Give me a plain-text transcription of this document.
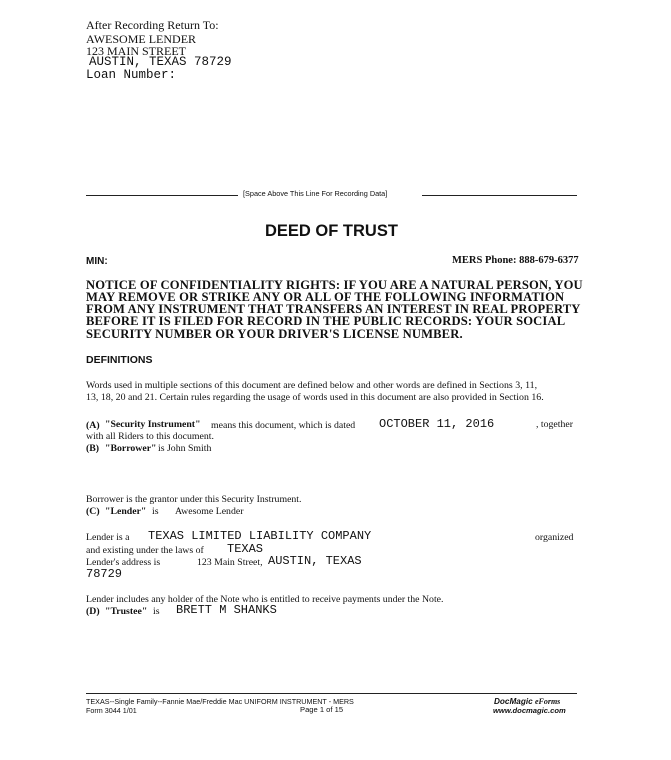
After Recording Return To:
AWESOME LENDER
123 MAIN STREET
AUSTIN, TEXAS 78729
Loan Number:
[Space Above This Line For Recording Data]
DEED OF TRUST
MIN:	MERS Phone: 888-679-6377
NOTICE OF CONFIDENTIALITY RIGHTS: IF YOU ARE A NATURAL PERSON, YOU
MAY REMOVE OR STRIKE ANY OR ALL OF THE FOLLOWING INFORMATION
FROM ANY INSTRUMENT THAT TRANSFERS AN INTEREST IN REAL PROPERTY
BEFORE IT IS FILED FOR RECORD IN THE PUBLIC RECORDS: YOUR SOCIAL
SECURITY NUMBER OR YOUR DRIVER'S LICENSE NUMBER.
DEFINITIONS
Words used in multiple sections of this document are defined below and other words are defined in Sections 3, 11,
13, 18, 20 and 21. Certain rules regarding the usage of words used in this document are also provided in Section 16.
(A) "Security Instrument" means this document, which is dated OCTOBER 11, 2016	, together
with all Riders to this document.
(B) "Borrower" is John Smith
Borrower is the grantor under this Security Instrument.
(C) "Lender" is Awesome Lender
Lender is a TEXAS LIMITED LIABILITY COMPANY	organized
and existing under the laws of TEXAS
Lender's address is	123 Main Street, AUSTIN, TEXAS
78729
Lender includes any holder of the Note who is entitled to receive payments under the Note.
(D) "Trustee" is BRETT M SHANKS
TEXAS--Single Family--Fannie Mae/Freddie Mac UNIFORM INSTRUMENT - MERS
Form 3044 1/01	Page 1 of 15
DocMagic eForms
www.docmagic.com
